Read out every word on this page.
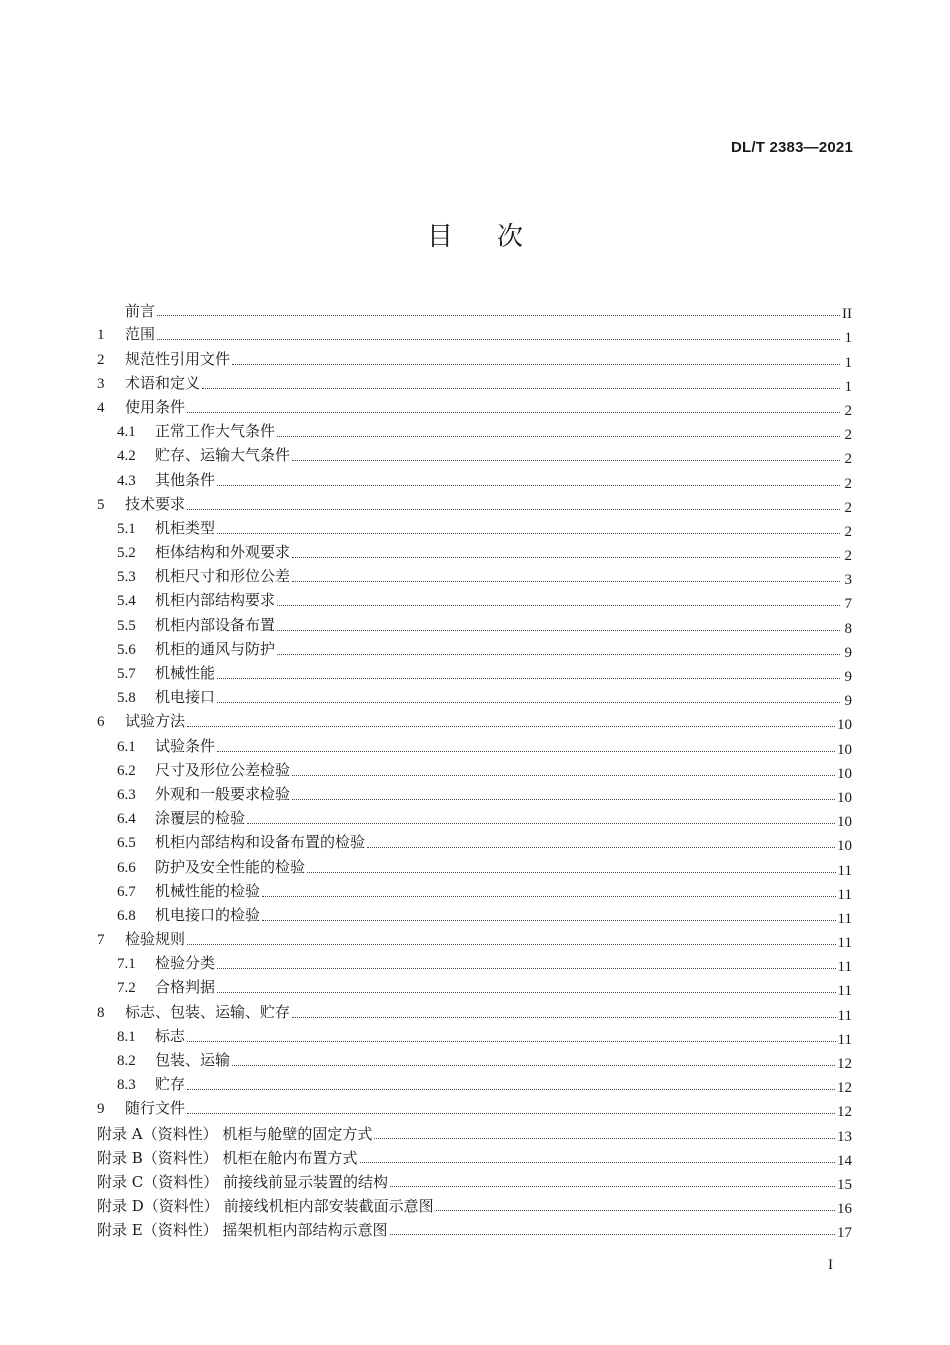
DL/T 2383—2021
目次
前言	II
1 范围	1
2 规范性引用文件	1
3 术语和定义	1
4 使用条件	2
4.1 正常工作大气条件	2
4.2 贮存、运输大气条件	2
4.3 其他条件	2
5 技术要求	2
5.1 机柜类型	2
5.2 柜体结构和外观要求	2
5.3 机柜尺寸和形位公差	3
5.4 机柜内部结构要求	7
5.5 机柜内部设备布置	8
5.6 机柜的通风与防护	9
5.7 机械性能	9
5.8 机电接口	9
6 试验方法	10
6.1 试验条件	10
6.2 尺寸及形位公差检验	10
6.3 外观和一般要求检验	10
6.4 涂覆层的检验	10
6.5 机柜内部结构和设备布置的检验	10
6.6 防护及安全性能的检验	11
6.7 机械性能的检验	11
6.8 机电接口的检验	11
7 检验规则	11
7.1 检验分类	11
7.2 合格判据	11
8 标志、包装、运输、贮存	11
8.1 标志	11
8.2 包装、运输	12
8.3 贮存	12
9 随行文件	12
附录 A（资料性） 机柜与舱壁的固定方式	13
附录 B（资料性） 机柜在舱内布置方式	14
附录 C（资料性） 前接线前显示装置的结构	15
附录 D（资料性） 前接线机柜内部安装截面示意图	16
附录 E（资料性） 摇架机柜内部结构示意图	17
I
